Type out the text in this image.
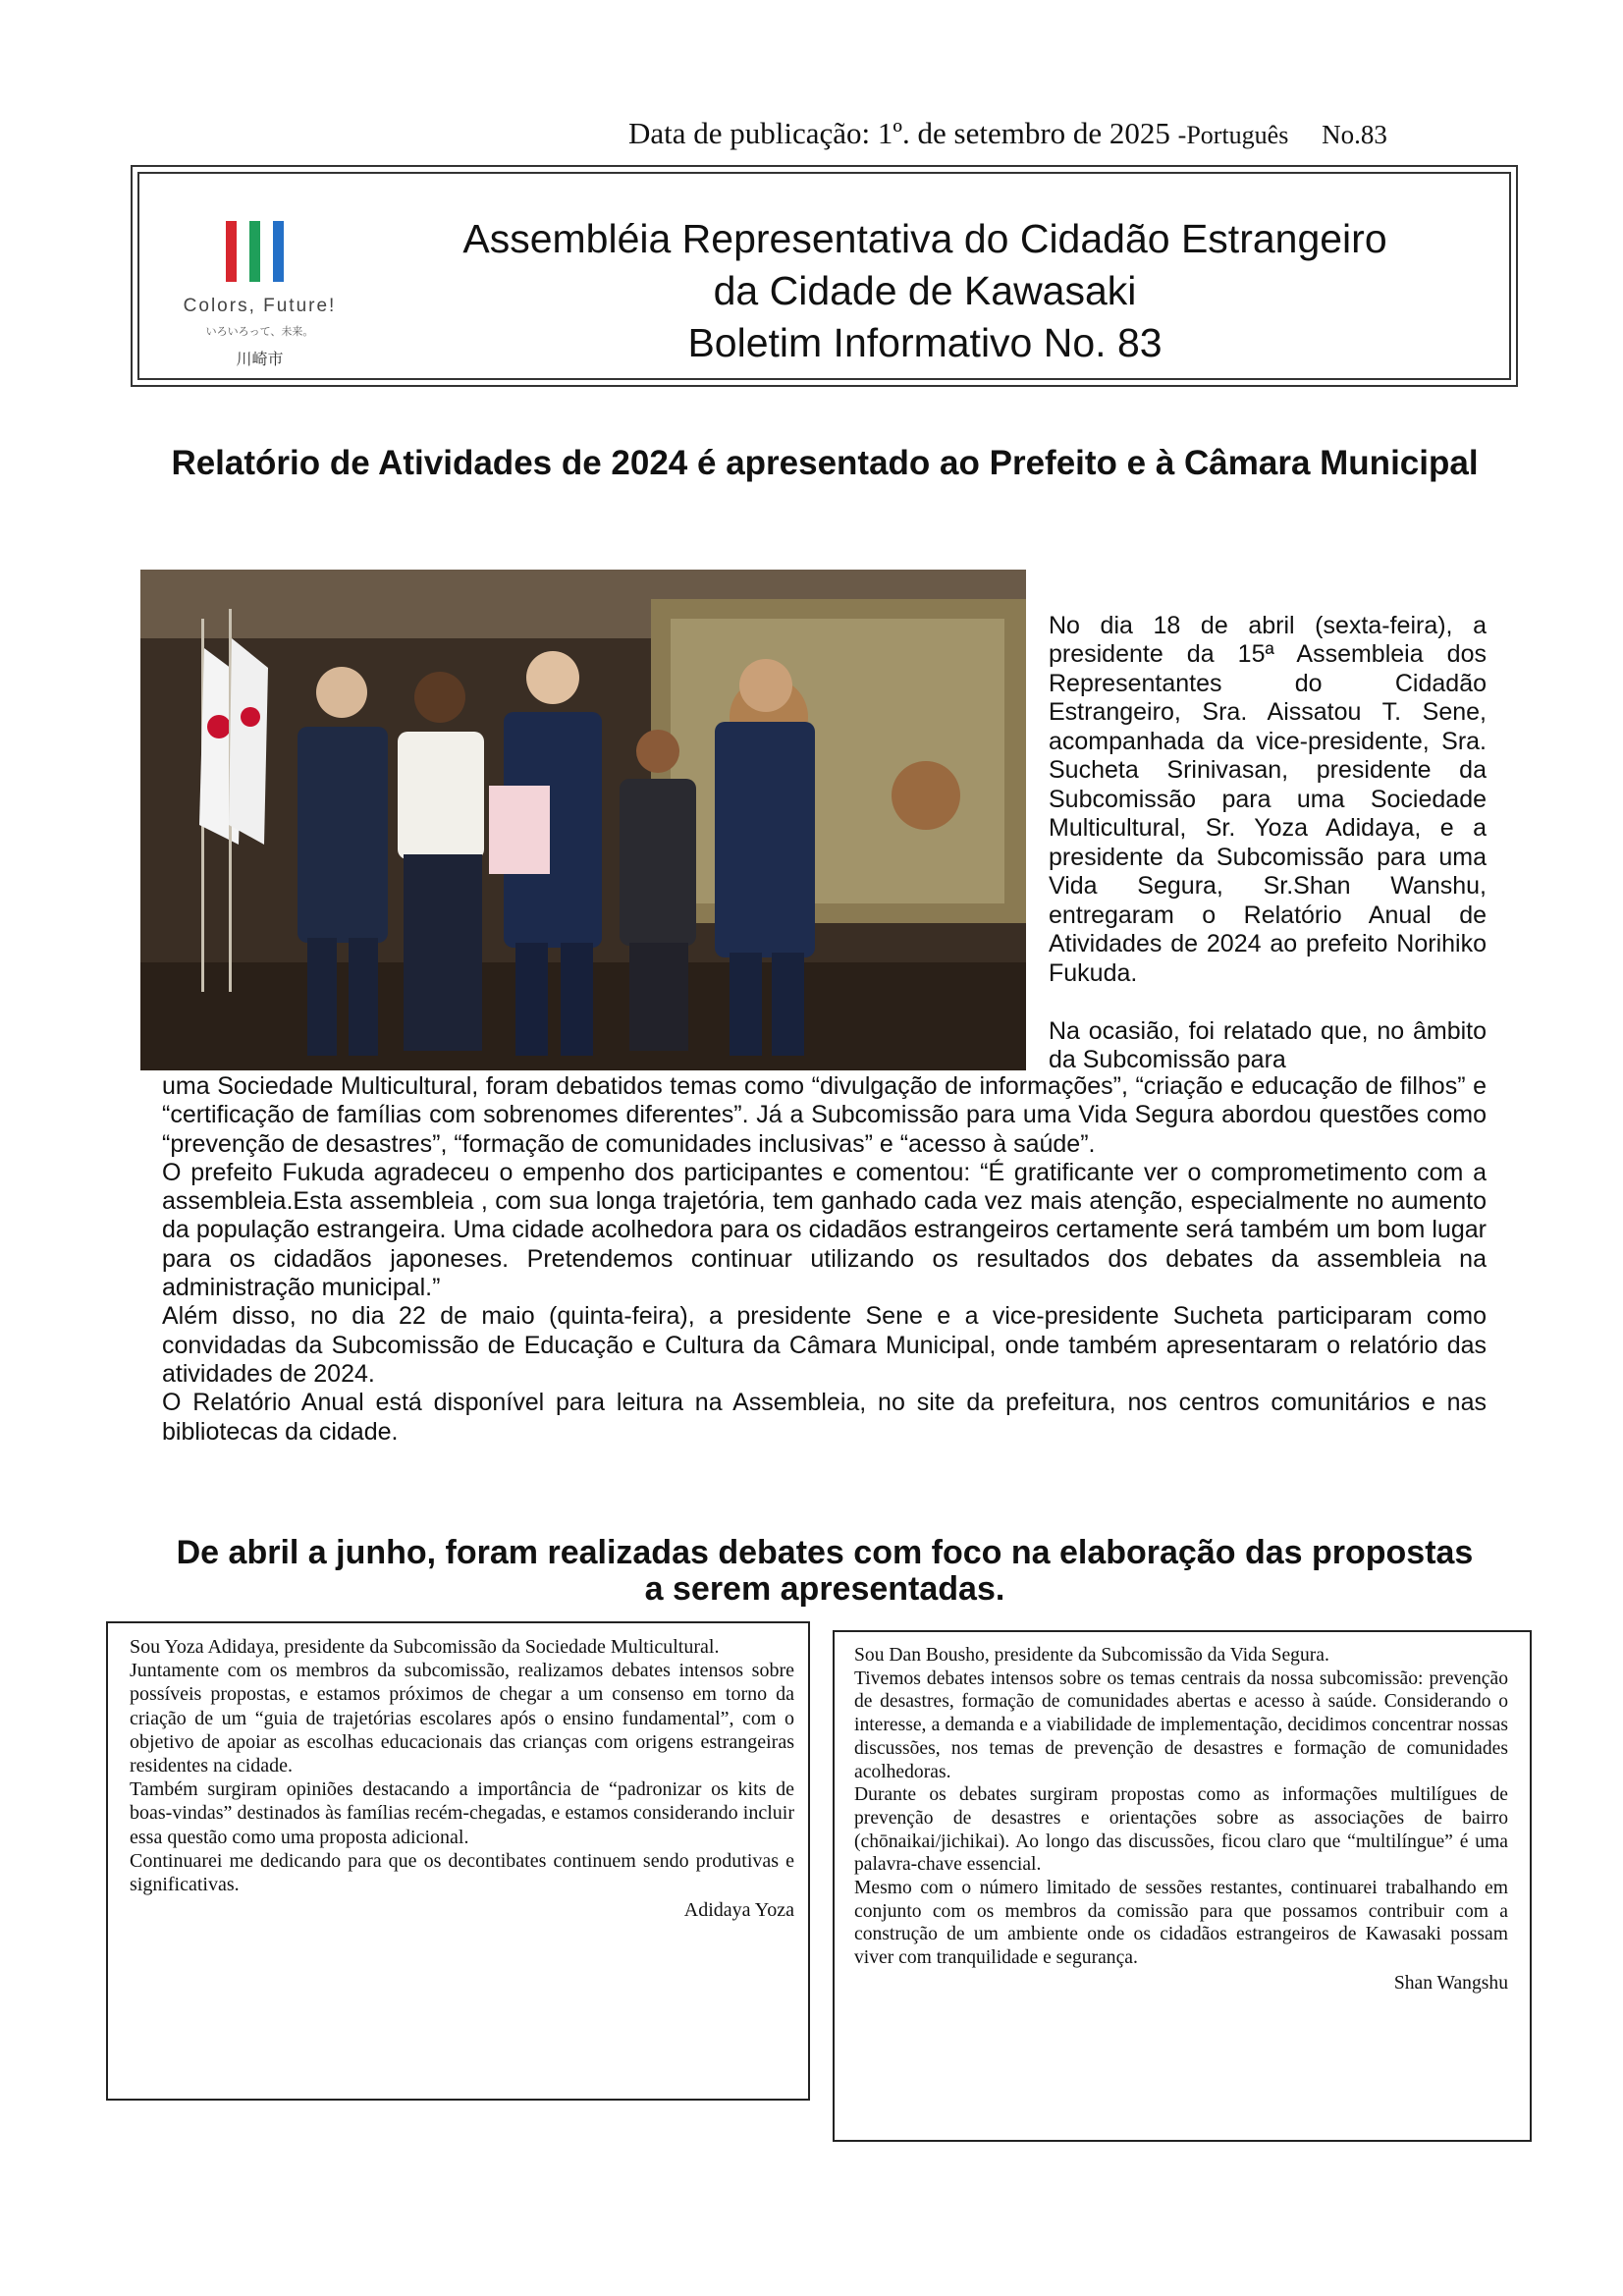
Data de publicação: 1º. de setembro de 2025 -Português No.83
Colors, Future!
いろいろって、未来。
川崎市
Assembléia Representativa do Cidadão Estrangeiro
da Cidade de Kawasaki
Boletim Informativo No. 83
Relatório de Atividades de 2024 é apresentado ao Prefeito e à Câmara Municipal

No dia 18 de abril (sexta-feira), a presidente da 15ª Assembleia dos Representantes do Cidadão Estrangeiro, Sra. Aissatou T. Sene, acompanhada da vice-presidente, Sra. Sucheta Srinivasan, presidente da Subcomissão para uma Sociedade Multicultural, Sr. Yoza Adidaya, e a presidente da Subcomissão para uma Vida Segura, Sr.Shan Wanshu, entregaram o Relatório Anual de Atividades de 2024 ao prefeito Norihiko Fukuda.

Na ocasião, foi relatado que, no âmbito da Subcomissão para

uma Sociedade Multicultural, foram debatidos temas como “divulgação de informações”, “criação e educação de filhos” e “certificação de famílias com sobrenomes diferentes”. Já a Subcomissão para uma Vida Segura abordou questões como “prevenção de desastres”, “formação de comunidades inclusivas” e “acesso à saúde”.

O prefeito Fukuda agradeceu o empenho dos participantes e comentou: “É gratificante ver o comprometimento com a assembleia.Esta assembleia , com sua longa trajetória, tem ganhado cada vez mais atenção, especialmente no aumento da população estrangeira. Uma cidade acolhedora para os cidadãos estrangeiros certamente será também um bom lugar para os cidadãos japoneses. Pretendemos continuar utilizando os resultados dos debates da assembleia na administração municipal.”

Além disso, no dia 22 de maio (quinta-feira), a presidente Sene e a vice-presidente Sucheta participaram como convidadas da Subcomissão de Educação e Cultura da Câmara Municipal, onde também apresentaram o relatório das atividades de 2024.

O Relatório Anual está disponível para leitura na Assembleia, no site da prefeitura, nos centros comunitários e nas bibliotecas da cidade.

De abril a junho, foram realizadas debates com foco na elaboração das propostas a serem apresentadas.

Sou Yoza Adidaya, presidente da Subcomissão da Sociedade Multicultural.

Juntamente com os membros da subcomissão, realizamos debates intensos sobre possíveis propostas, e estamos próximos de chegar a um consenso em torno da criação de um “guia de trajetórias escolares após o ensino fundamental”, com o objetivo de apoiar as escolhas educacionais das crianças com origens estrangeiras residentes na cidade.

Também surgiram opiniões destacando a importância de “padronizar os kits de boas-vindas” destinados às famílias recém-chegadas, e estamos considerando incluir essa questão como uma proposta adicional.

Continuarei me dedicando para que os decontibates continuem sendo produtivas e significativas.

Adidaya Yoza

Sou Dan Bousho, presidente da Subcomissão da Vida Segura.

Tivemos debates intensos sobre os temas centrais da nossa subcomissão: prevenção de desastres, formação de comunidades abertas e acesso à saúde. Considerando o interesse, a demanda e a viabilidade de implementação, decidimos concentrar nossas discussões, nos temas de prevenção de desastres e formação de comunidades acolhedoras.

Durante os debates surgiram propostas como as informações multilígues de prevenção de desastres e orientações sobre as associações de bairro (chōnaikai/jichikai). Ao longo das discussões, ficou claro que “multilíngue” é uma palavra-chave essencial.

Mesmo com o número limitado de sessões restantes, continuarei trabalhando em conjunto com os membros da comissão para que possamos contribuir com a construção de um ambiente onde os cidadãos estrangeiros de Kawasaki possam viver com tranquilidade e segurança.

Shan Wangshu
